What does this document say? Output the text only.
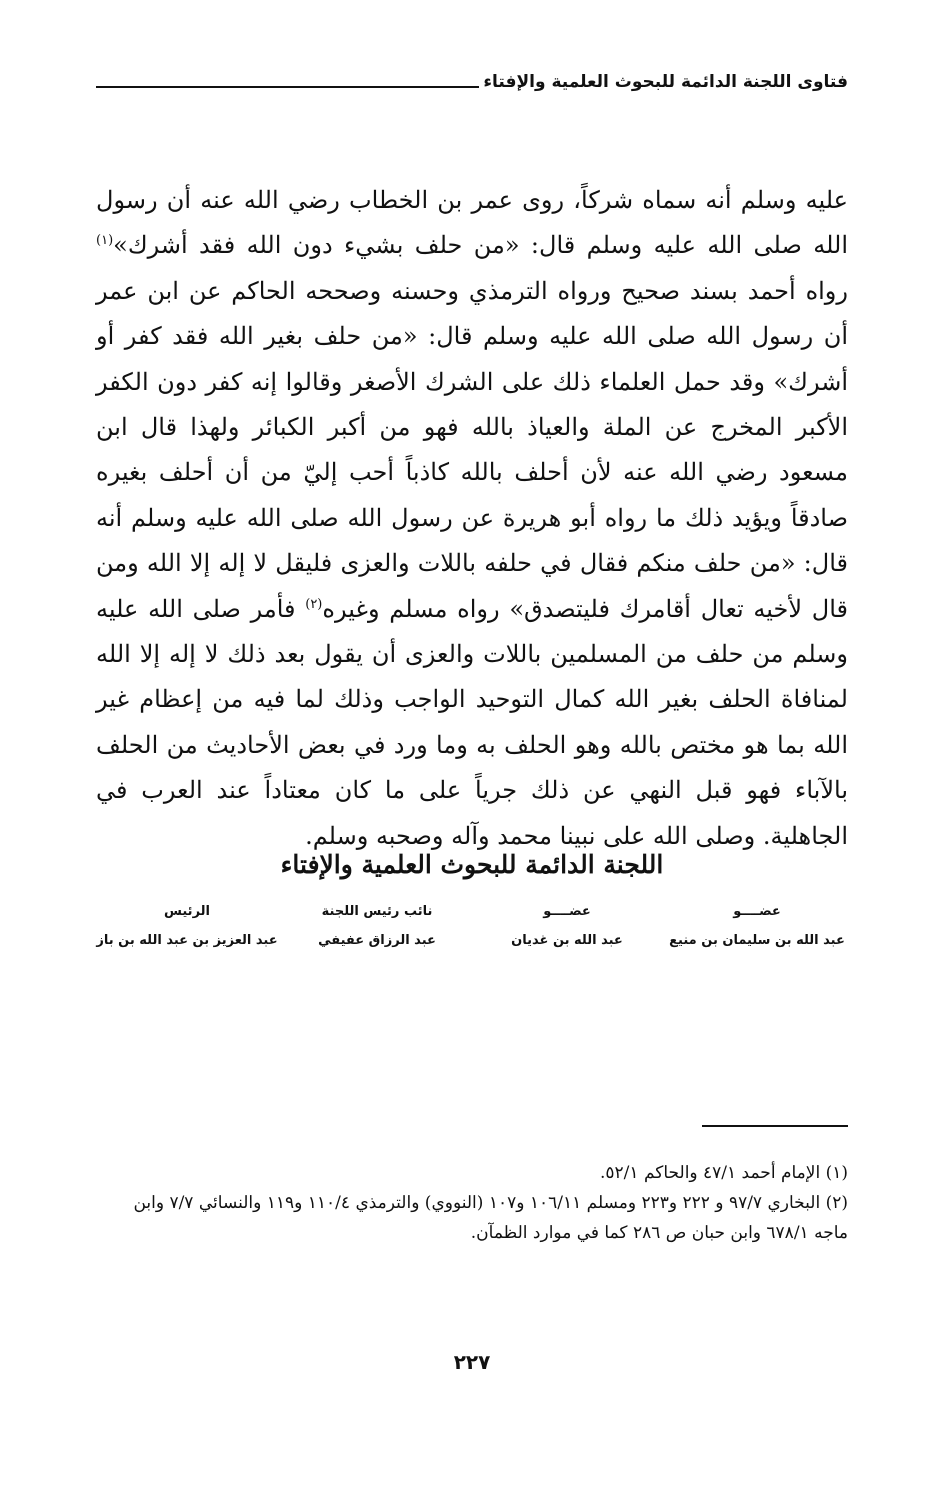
فتاوى اللجنة الدائمة للبحوث العلمية والإفتاء

عليه وسلم أنه سماه شركاً، روى عمر بن الخطاب رضي الله عنه أن رسول الله صلى الله عليه وسلم قال: «من حلف بشيء دون الله فقد أشرك»$^{(١)}$ رواه أحمد بسند صحيح ورواه الترمذي وحسنه وصححه الحاكم عن ابن عمر أن رسول الله صلى الله عليه وسلم قال: «من حلف بغير الله فقد كفر أو أشرك» وقد حمل العلماء ذلك على الشرك الأصغر وقالوا إنه كفر دون الكفر الأكبر المخرج عن الملة والعياذ بالله فهو من أكبر الكبائر ولهذا قال ابن مسعود رضي الله عنه لأن أحلف بالله كاذباً أحب إليّ من أن أحلف بغيره صادقاً ويؤيد ذلك ما رواه أبو هريرة عن رسول الله صلى الله عليه وسلم أنه قال: «من حلف منكم فقال في حلفه باللات والعزى فليقل لا إله إلا الله ومن قال لأخيه تعال أقامرك فليتصدق» رواه مسلم وغيره$^{(٢)}$ فأمر صلى الله عليه وسلم من حلف من المسلمين باللات والعزى أن يقول بعد ذلك لا إله إلا الله لمنافاة الحلف بغير الله كمال التوحيد الواجب وذلك لما فيه من إعظام غير الله بما هو مختص بالله وهو الحلف به وما ورد في بعض الأحاديث من الحلف بالآباء فهو قبل النهي عن ذلك جرياً على ما كان معتاداً عند العرب في الجاهلية. وصلى الله على نبينا محمد وآله وصحبه وسلم.

اللجنة الدائمة للبحوث العلمية والإفتاء
عضــــو
عبد الله بن سليمان بن منيع
عضــــو
عبد الله بن غديان
نائب رئيس اللجنة
عبد الرزاق عفيفي
الرئيس
عبد العزيز بن عبد الله بن باز

(١) الإمام أحمد ٤٧/١ والحاكم ٥٢/١.

(٢) البخاري ٩٧/٧ و ٢٢٢ و٢٢٣ ومسلم ١٠٦/١١ و١٠٧ (النووي) والترمذي ١١٠/٤ و١١٩ والنسائي ٧/٧ وابن ماجه ٦٧٨/١ وابن حبان ص ٢٨٦ كما في موارد الظمآن.

٢٢٧
